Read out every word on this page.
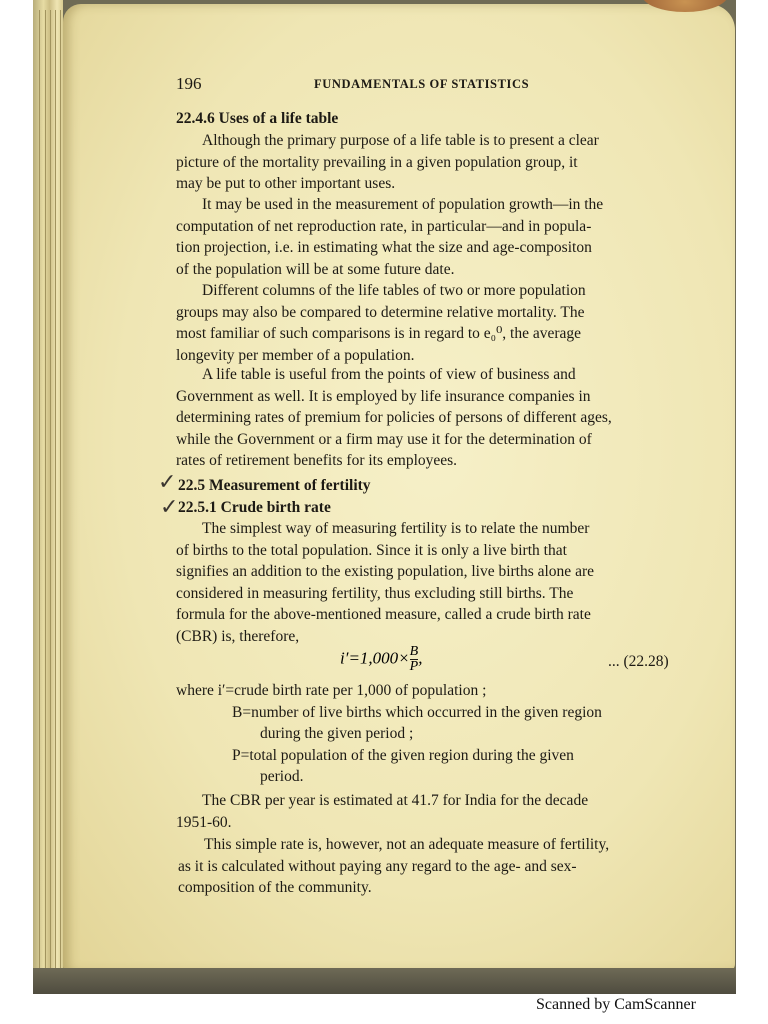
196	FUNDAMENTALS OF STATISTICS
22.4.6 Uses of a life table
Although the primary purpose of a life table is to present a clear
picture of the mortality prevailing in a given population group, it
may be put to other important uses.
It may be used in the measurement of population growth—in the
computation of net reproduction rate, in particular—and in popula-
tion projection, i.e. in estimating what the size and age-compositon
of the population will be at some future date.
Different columns of the life tables of two or more population
groups may also be compared to determine relative mortality. The
most familiar of such comparisons is in regard to e₀⁰, the average
longevity per member of a population.
A life table is useful from the points of view of business and
Government as well. It is employed by life insurance companies in
determining rates of premium for policies of persons of different ages,
while the Government or a firm may use it for the determination of
rates of retirement benefits for its employees.
✓ 22.5 Measurement of fertility
✓ 22.5.1 Crude birth rate
The simplest way of measuring fertility is to relate the number
of births to the total population. Since it is only a live birth that
signifies an addition to the existing population, live births alone are
considered in measuring fertility, thus excluding still births. The
formula for the above-mentioned measure, called a crude birth rate
(CBR) is, therefore,
$i'=1,000\times \frac{B}{P}$ ,	... (22.28)
where i′=crude birth rate per 1,000 of population ;
B=number of live births which occurred in the given region
during the given period ;
P=total population of the given region during the given
period.
The CBR per year is estimated at 41.7 for India for the decade
1951-60.
This simple rate is, however, not an adequate measure of fertility,
as it is calculated without paying any regard to the age- and sex-
composition of the community.
Scanned by CamScanner
